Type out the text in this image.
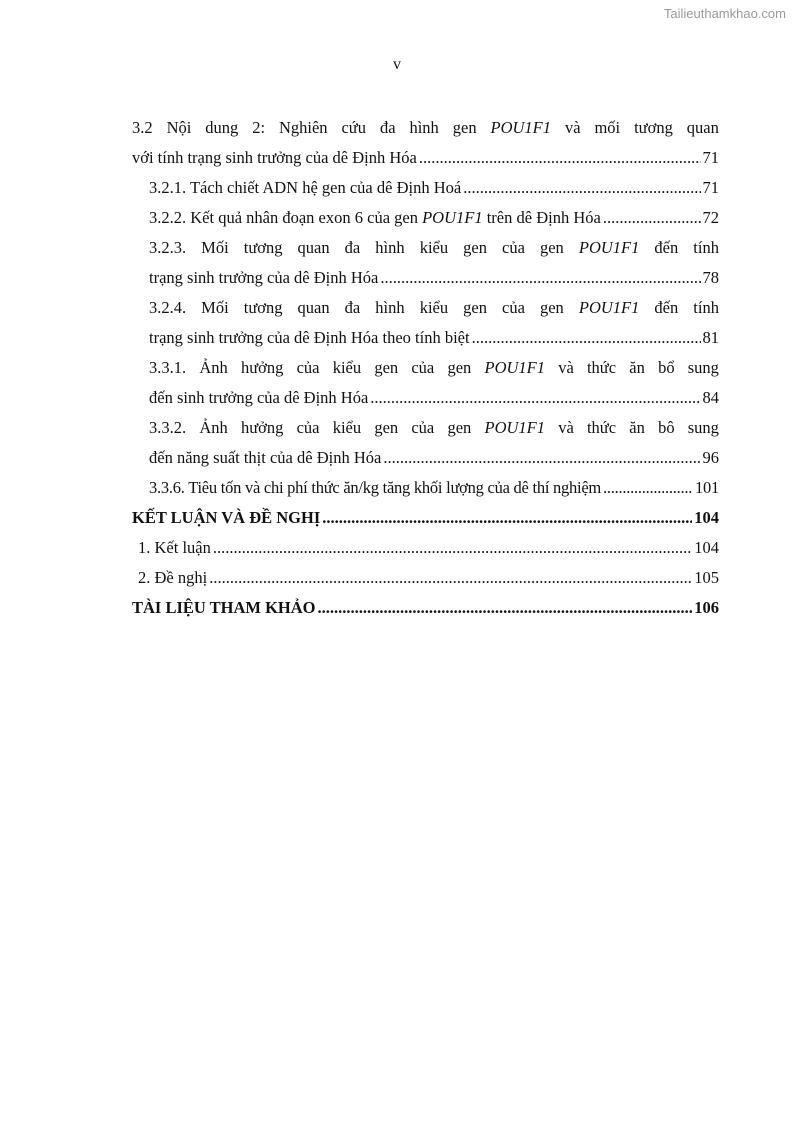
Tailieuthamkhao.com
v
3.2 Nội dung 2: Nghiên cứu đa hình gen POU1F1 và mối tương quan
với tính trạng sinh trưởng của dê Định Hóa .....	71
3.2.1. Tách chiết ADN hệ gen của dê Định Hoá .....	71
3.2.2. Kết quả nhân đoạn exon 6 của gen POU1F1 trên dê Định Hóa .....	72
3.2.3. Mối tương quan đa hình kiểu gen của gen POU1F1 đến tính
trạng sinh trưởng của dê Định Hóa .....	78
3.2.4. Mối tương quan đa hình kiểu gen của gen POU1F1 đến tính
trạng sinh trưởng của dê Định Hóa theo tính biệt .....	81
3.3.1. Ảnh hưởng của kiểu gen của gen POU1F1 và thức ăn bổ sung
đến sinh trưởng của dê Định Hóa .....	84
3.3.2. Ảnh hưởng của kiểu gen của gen POU1F1 và thức ăn bô sung
đến năng suất thịt của dê Định Hóa .....	96
3.3.6. Tiêu tốn và chi phí thức ăn/kg tăng khối lượng của dê thí nghiệm .....	101
KẾT LUẬN VÀ ĐỀ NGHỊ .....	104
1. Kết luận .....	104
2. Đề nghị .....	105
TÀI LIỆU THAM KHẢO .....	106
